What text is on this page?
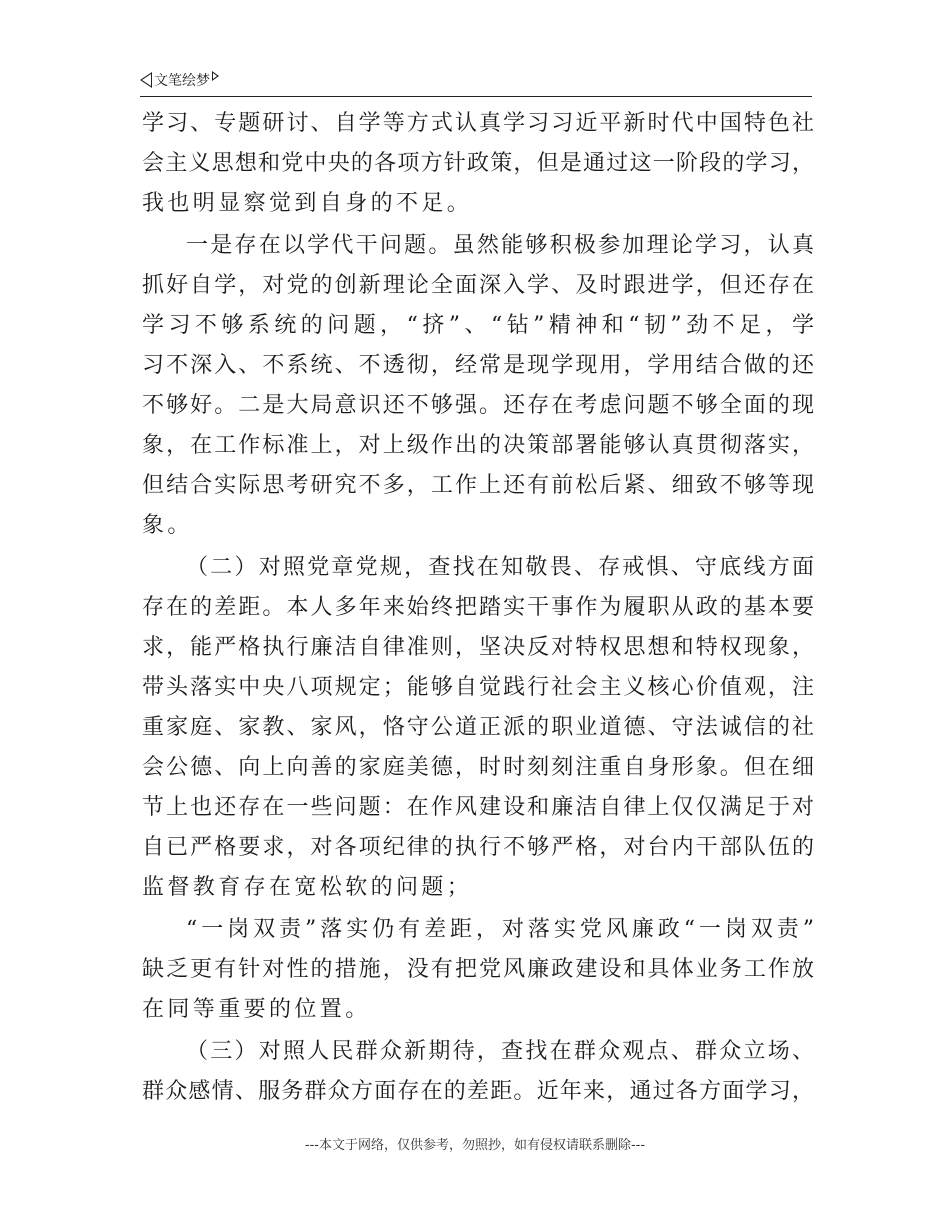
文笔绘梦
学习、专题研讨、自学等方式认真学习习近平新时代中国特色社
会主义思想和党中央的各项方针政策，但是通过这一阶段的学习，
我也明显察觉到自身的不足。
一是存在以学代干问题。虽然能够积极参加理论学习，认真
抓好自学，对党的创新理论全面深入学、及时跟进学，但还存在
学习不够系统的问题，“挤”、“钻”精神和“韧”劲不足，学
习不深入、不系统、不透彻，经常是现学现用，学用结合做的还
不够好。二是大局意识还不够强。还存在考虑问题不够全面的现
象，在工作标准上，对上级作出的决策部署能够认真贯彻落实，
但结合实际思考研究不多，工作上还有前松后紧、细致不够等现
象。
（二）对照党章党规，查找在知敬畏、存戒惧、守底线方面
存在的差距。本人多年来始终把踏实干事作为履职从政的基本要
求，能严格执行廉洁自律准则，坚决反对特权思想和特权现象，
带头落实中央八项规定；能够自觉践行社会主义核心价值观，注
重家庭、家教、家风，恪守公道正派的职业道德、守法诚信的社
会公德、向上向善的家庭美德，时时刻刻注重自身形象。但在细
节上也还存在一些问题：在作风建设和廉洁自律上仅仅满足于对
自已严格要求，对各项纪律的执行不够严格，对台内干部队伍的
监督教育存在宽松软的问题；
“一岗双责”落实仍有差距，对落实党风廉政“一岗双责”
缺乏更有针对性的措施，没有把党风廉政建设和具体业务工作放
在同等重要的位置。
（三）对照人民群众新期待，查找在群众观点、群众立场、
群众感情、服务群众方面存在的差距。近年来，通过各方面学习，
---本文于网络，仅供参考，勿照抄，如有侵权请联系删除---
